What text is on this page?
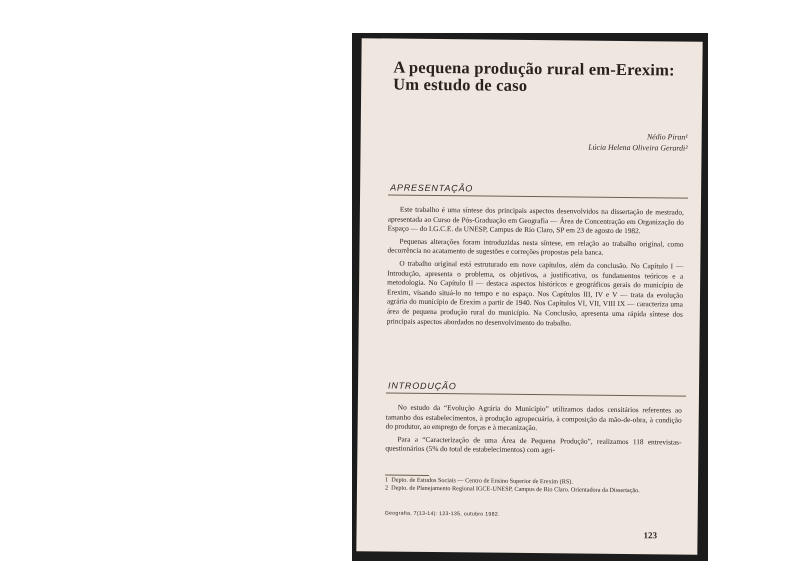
A pequena produção rural em-Erexim:
Um estudo de caso
Nédio Piran¹
Lúcia Helena Oliveira Gerardi²
APRESENTAÇÃO

Este trabalho é uma síntese dos principais aspectos desenvolvidos na dissertação de mestrado, apresentada ao Curso de Pós-Graduação em Geografia — Área de Concentração em Organização do Espaço — do I.G.C.E. da UNESP, Campus de Rio Claro, SP em 23 de agosto de 1982.

Pequenas alterações foram introduzidas nesta síntese, em relação ao trabalho original, como decorrência no acatamento de sugestões e correções propostas pela banca.

O trabalho original está estruturado em nove capítulos, além da conclusão. No Capítulo I — Introdução, apresenta o problema, os objetivos, a justificativa, os fundamentos teóricos e a metodologia. No Capítulo II — destaca aspectos históricos e geográficos gerais do município de Erexim, visando situá-lo no tempo e no espaço. Nos Capítulos III, IV e V — trata da evolução agrária do município de Erexim a partir de 1940. Nos Capítulos VI, VII, VIII IX — caracteriza uma área de pequena produção rural do município. Na Conclusão, apresenta uma rápida síntese dos principais aspectos abordados no desenvolvimento do trabalho.

INTRODUÇÃO

No estudo da “Evolução Agrária do Município” utilizamos dados censitários referentes ao tamanho dos estabelecimentos, à produção agropecuária, à composição da mão-de-obra, à condição do produtor, ao emprego de forças e à mecanização.

Para a “Caracterização de uma Área de Pequena Produção”, realizamos 118 entrevistas-questionários (5% do total de estabelecimentos) com agri-

1 Depto. de Estudos Sociais — Centro de Ensino Superior de Erexim (RS).

2 Depto. de Planejamento Regional IGCE-UNESP, Campus de Rio Claro. Orientadora da Dissertação.

Geografia, 7(13-14): 123-135, outubro 1982.
123
